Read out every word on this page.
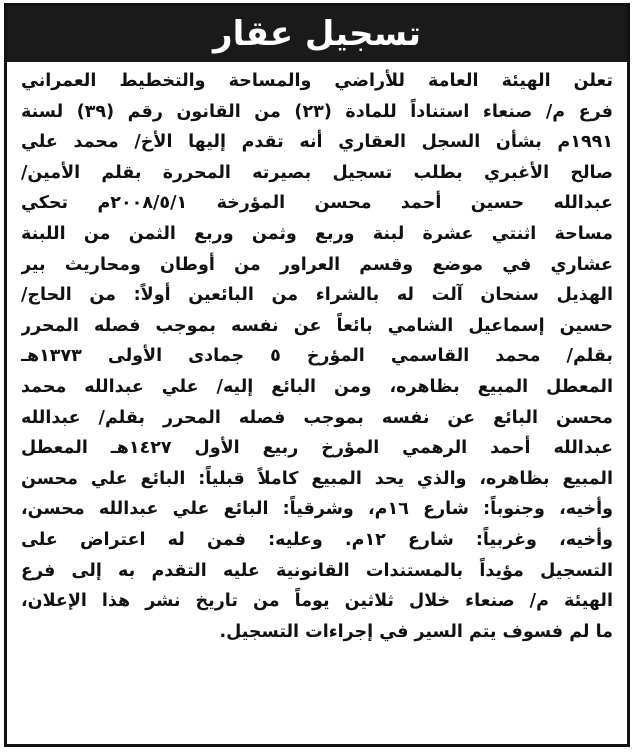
تسجيل عقار
تعلن الهيئة العامة للأراضي والمساحة والتخطيط العمراني
فرع م/ صنعاء استناداً للمادة (٢٣) من القانون رقم (٣٩) لسنة
١٩٩١م بشأن السجل العقاري أنه تقدم إليها الأخ/ محمد علي
صالح الأغبري بطلب تسجيل بصيرته المحررة بقلم الأمين/
عبدالله حسين أحمد محسن المؤرخة ٢٠٠٨/٥/١م تحكي
مساحة اثنتي عشرة لبنة وربع وثمن وربع الثمن من اللبنة
عشاري في موضع وقسم العراور من أوطان ومحاريث بير
الهذيل سنحان آلت له بالشراء من البائعين أولاً: من الحاج/
حسين إسماعيل الشامي بائعاً عن نفسه بموجب فصله المحرر
بقلم/ محمد القاسمي المؤرخ ٥ جمادى الأولى ١٣٧٣هـ
المعطل المبيع بظاهره، ومن البائع إليه/ علي عبدالله محمد
محسن البائع عن نفسه بموجب فصله المحرر بقلم/ عبدالله
عبدالله أحمد الرهمي المؤرخ ربيع الأول ١٤٢٧هـ المعطل
المبيع بظاهره، والذي يحد المبيع كاملاً قبلياً: البائع علي محسن
وأخيه، وجنوباً: شارع ١٦م، وشرقياً: البائع علي عبدالله محسن،
وأخيه، وغربياً: شارع ١٢م. وعليه: فمن له اعتراض على
التسجيل مؤيداً بالمستندات القانونية عليه التقدم به إلى فرع
الهيئة م/ صنعاء خلال ثلاثين يوماً من تاريخ نشر هذا الإعلان،
ما لم فسوف يتم السير في إجراءات التسجيل.
